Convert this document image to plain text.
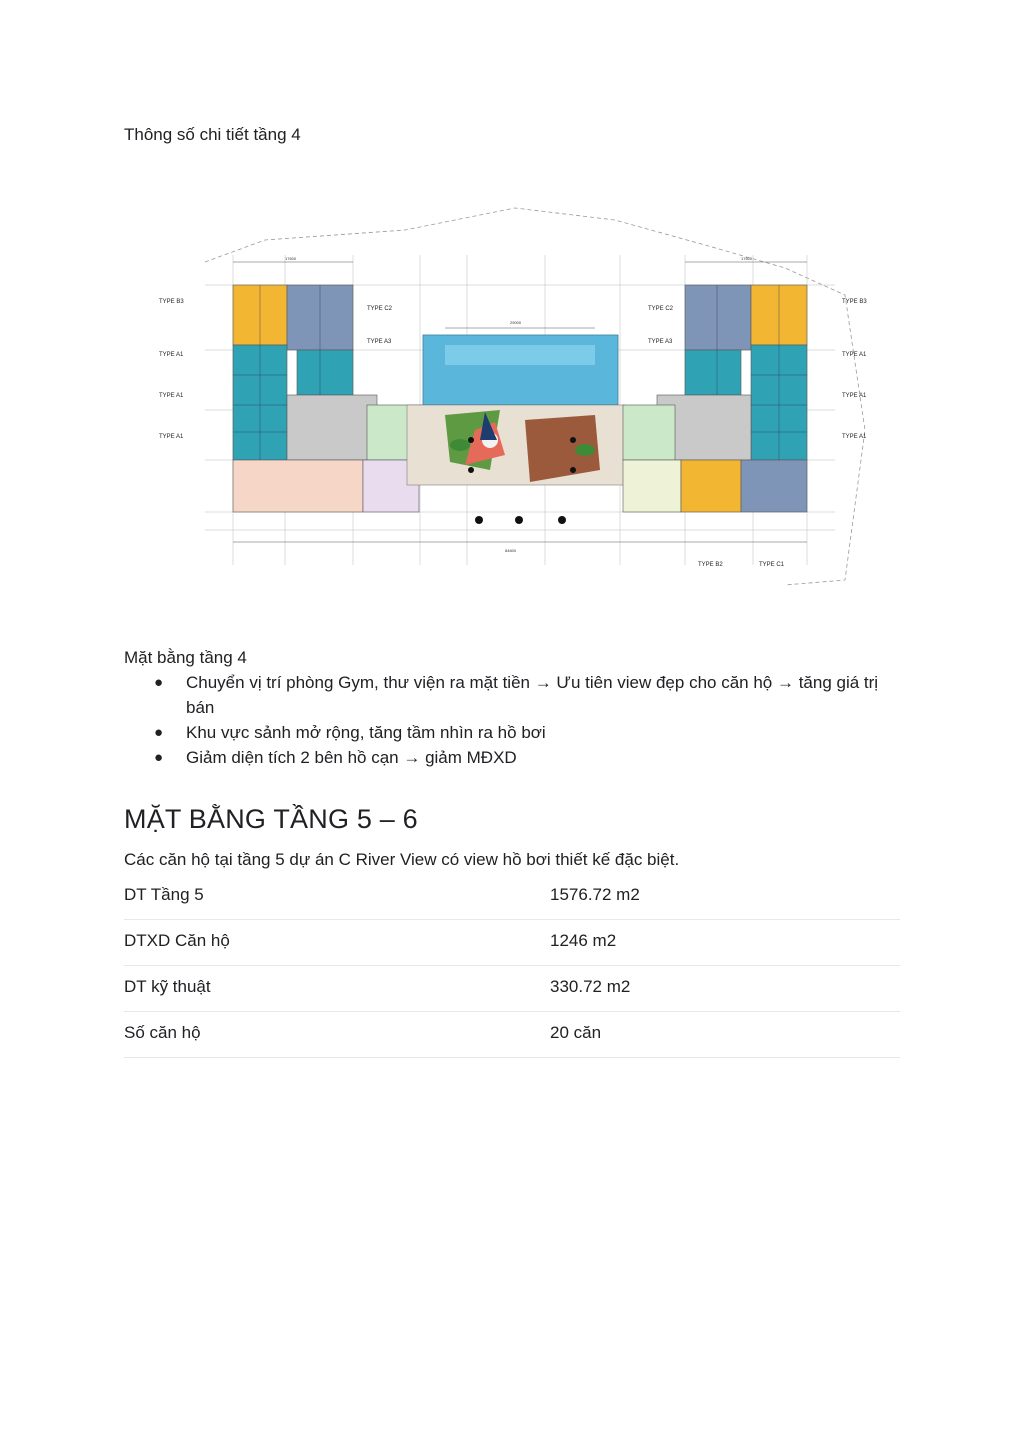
Thông số chi tiết tầng 4
84600
17600	17600
29000
TYPE B3
TYPE A1
TYPE A1
TYPE A1
TYPE C2
TYPE A3
TYPE C2
TYPE A3
TYPE B3
TYPE A1
TYPE A1
TYPE A1
TYPE B2	TYPE C1
Mặt bằng tầng 4
● Chuyển vị trí phòng Gym, thư viện ra mặt tiền → Ưu tiên view đẹp cho căn hộ → tăng giá trị bán
● Khu vực sảnh mở rộng, tăng tầm nhìn ra hồ bơi
● Giảm diện tích 2 bên hồ cạn → giảm MĐXD
MẶT BẰNG TẦNG 5 – 6
Các căn hộ tại tầng 5 dự án C River View có view hồ bơi thiết kế đặc biệt.
DT Tầng 5	1576.72 m2
DTXD Căn hộ	1246 m2
DT kỹ thuật	330.72 m2
Số căn hộ	20 căn
